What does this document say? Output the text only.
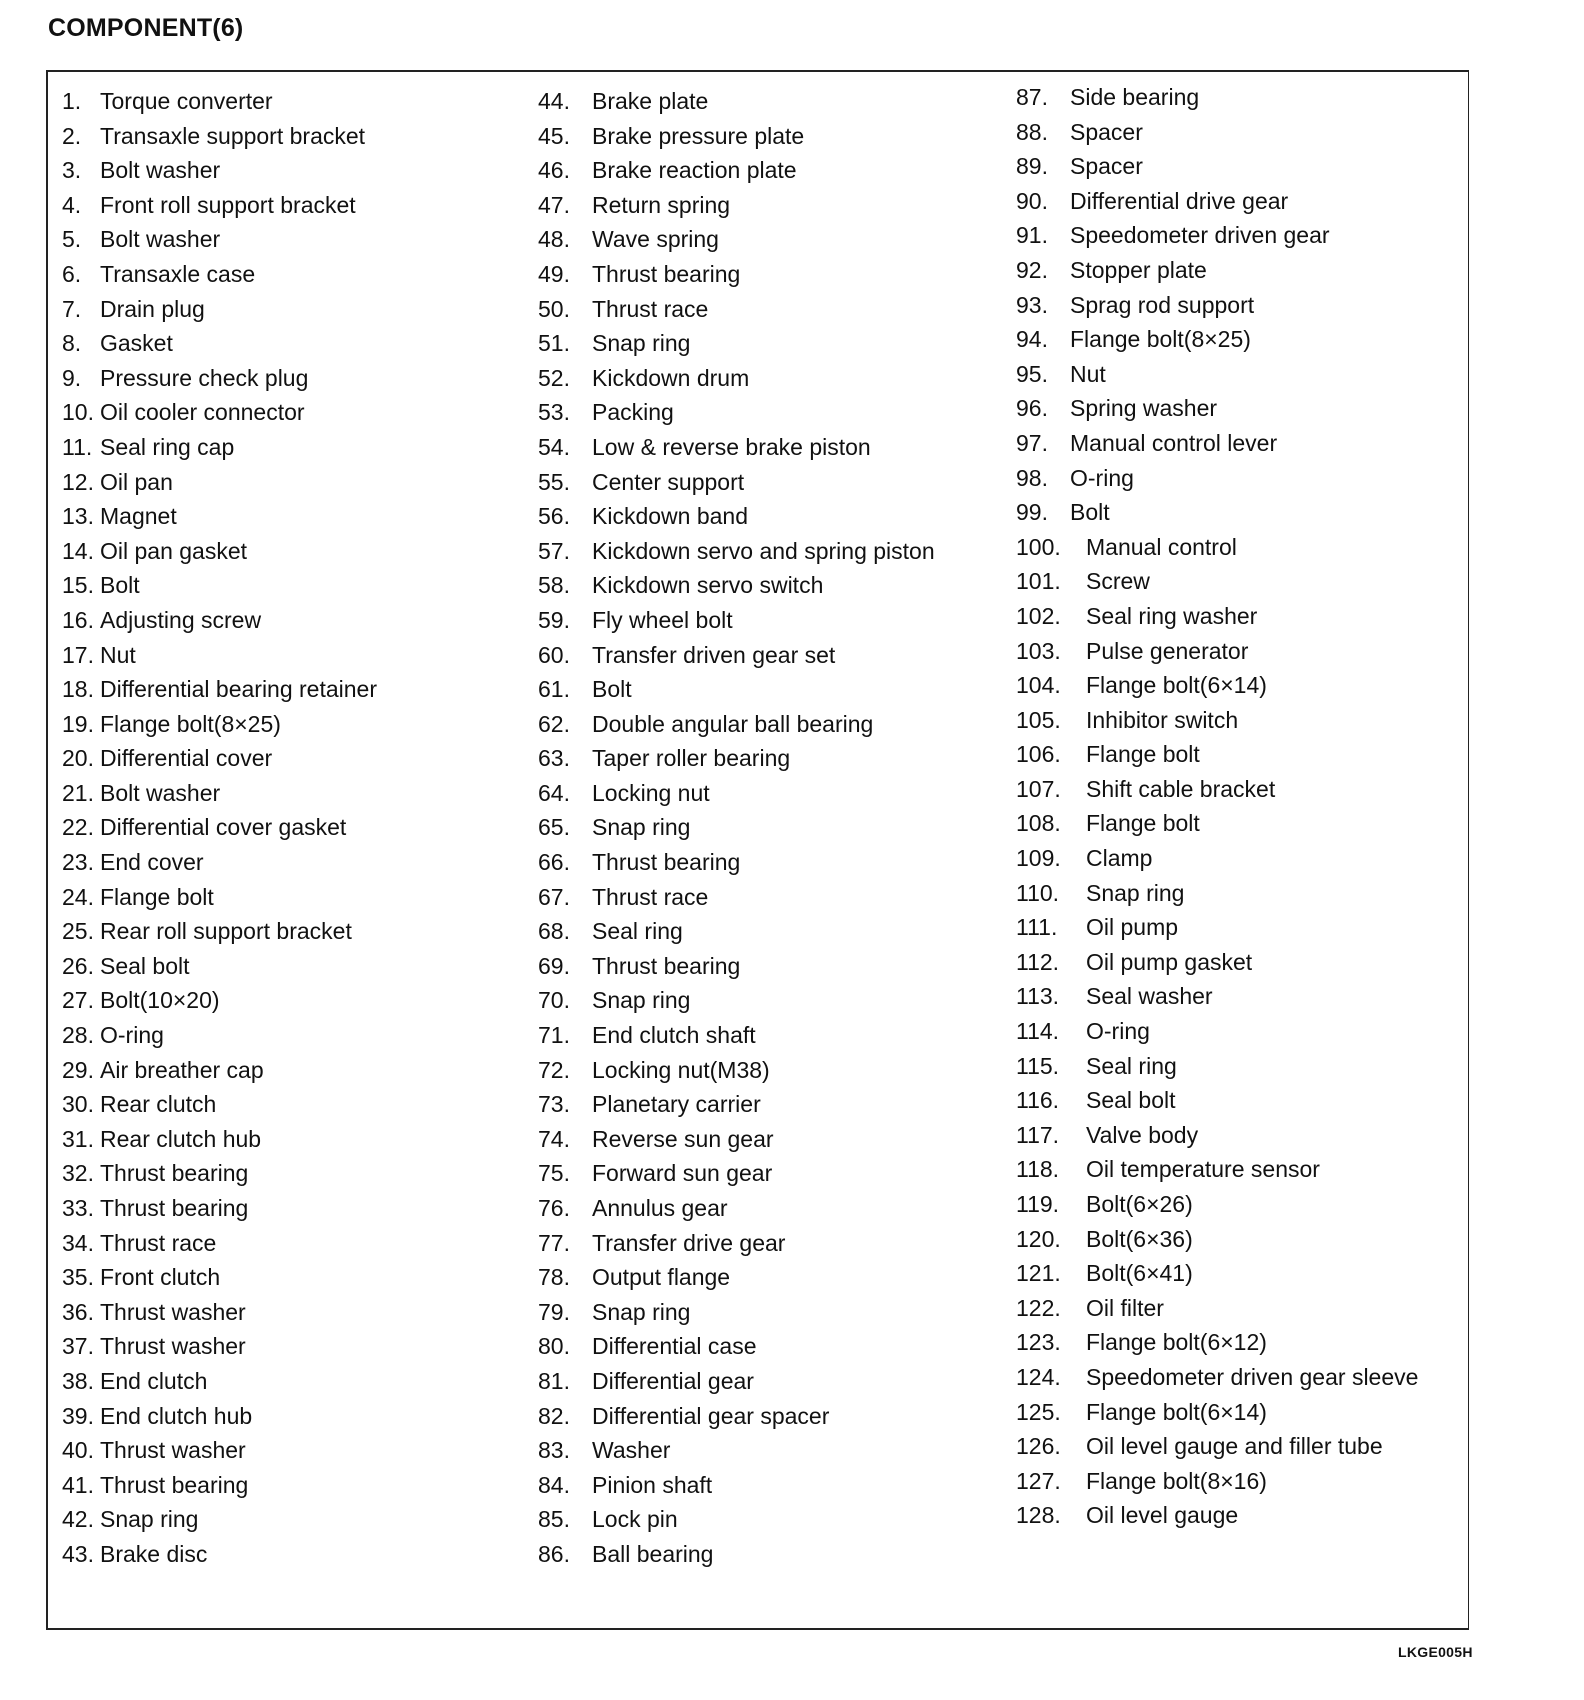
COMPONENT(6)
1. Torque converter
2. Transaxle support bracket
3. Bolt washer
4. Front roll support bracket
5. Bolt washer
6. Transaxle case
7. Drain plug
8. Gasket
9. Pressure check plug
10. Oil cooler connector
11. Seal ring cap
12. Oil pan
13. Magnet
14. Oil pan gasket
15. Bolt
16. Adjusting screw
17. Nut
18. Differential bearing retainer
19. Flange bolt(8×25)
20. Differential cover
21. Bolt washer
22. Differential cover gasket
23. End cover
24. Flange bolt
25. Rear roll support bracket
26. Seal bolt
27. Bolt(10×20)
28. O-ring
29. Air breather cap
30. Rear clutch
31. Rear clutch hub
32. Thrust bearing
33. Thrust bearing
34. Thrust race
35. Front clutch
36. Thrust washer
37. Thrust washer
38. End clutch
39. End clutch hub
40. Thrust washer
41. Thrust bearing
42. Snap ring
43. Brake disc
44. Brake plate
45. Brake pressure plate
46. Brake reaction plate
47. Return spring
48. Wave spring
49. Thrust bearing
50. Thrust race
51. Snap ring
52. Kickdown drum
53. Packing
54. Low & reverse brake piston
55. Center support
56. Kickdown band
57. Kickdown servo and spring piston
58. Kickdown servo switch
59. Fly wheel bolt
60. Transfer driven gear set
61. Bolt
62. Double angular ball bearing
63. Taper roller bearing
64. Locking nut
65. Snap ring
66. Thrust bearing
67. Thrust race
68. Seal ring
69. Thrust bearing
70. Snap ring
71. End clutch shaft
72. Locking nut(M38)
73. Planetary carrier
74. Reverse sun gear
75. Forward sun gear
76. Annulus gear
77. Transfer drive gear
78. Output flange
79. Snap ring
80. Differential case
81. Differential gear
82. Differential gear spacer
83. Washer
84. Pinion shaft
85. Lock pin
86. Ball bearing
87. Side bearing
88. Spacer
89. Spacer
90. Differential drive gear
91. Speedometer driven gear
92. Stopper plate
93. Sprag rod support
94. Flange bolt(8×25)
95. Nut
96. Spring washer
97. Manual control lever
98. O-ring
99. Bolt
100.	Manual control
101.	Screw
102.	Seal ring washer
103.	Pulse generator
104.	Flange bolt(6×14)
105.	Inhibitor switch
106.	Flange bolt
107.	Shift cable bracket
108.	Flange bolt
109.	Clamp
110.	Snap ring
111.	Oil pump
112.	Oil pump gasket
113.	Seal washer
114.	O-ring
115.	Seal ring
116.	Seal bolt
117.	Valve body
118.	Oil temperature sensor
119.	Bolt(6×26)
120.	Bolt(6×36)
121.	Bolt(6×41)
122.	Oil filter
123.	Flange bolt(6×12)
124.	Speedometer driven gear sleeve
125.	Flange bolt(6×14)
126.	Oil level gauge and filler tube
127.	Flange bolt(8×16)
128.	Oil level gauge
LKGE005H
